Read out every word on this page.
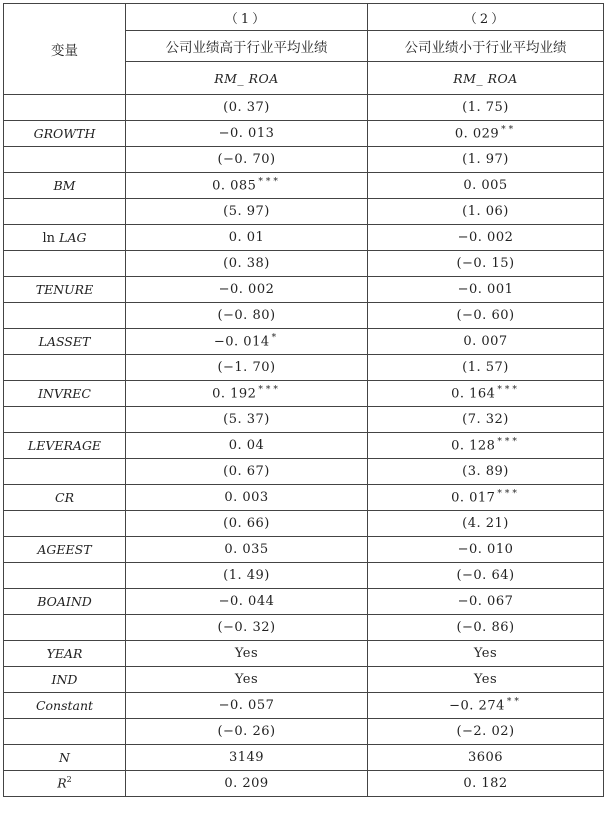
变量	（1）	（2）
	公司业绩高于行业平均业绩	公司业绩小于行业平均业绩
	RM_ ROA	RM_ ROA
	(0. 37)	(1. 75)
GROWTH	−0. 013	0. 029 **
	(−0. 70)	(1. 97)
BM	0. 085 ***	0. 005
	(5. 97)	(1. 06)
ln LAG	0. 01	−0. 002
	(0. 38)	(−0. 15)
TENURE	−0. 002	−0. 001
	(−0. 80)	(−0. 60)
LASSET	−0. 014 *	0. 007
	(−1. 70)	(1. 57)
INVREC	0. 192 ***	0. 164 ***
	(5. 37)	(7. 32)
LEVERAGE	0. 04	0. 128 ***
	(0. 67)	(3. 89)
CR	0. 003	0. 017 ***
	(0. 66)	(4. 21)
AGEEST	0. 035	−0. 010
	(1. 49)	(−0. 64)
BOAIND	−0. 044	−0. 067
	(−0. 32)	(−0. 86)
YEAR	Yes	Yes
IND	Yes	Yes
Constant	−0. 057	−0. 274 **
	(−0. 26)	(−2. 02)
N	3149	3606
$R^2$	0. 209	0. 182
